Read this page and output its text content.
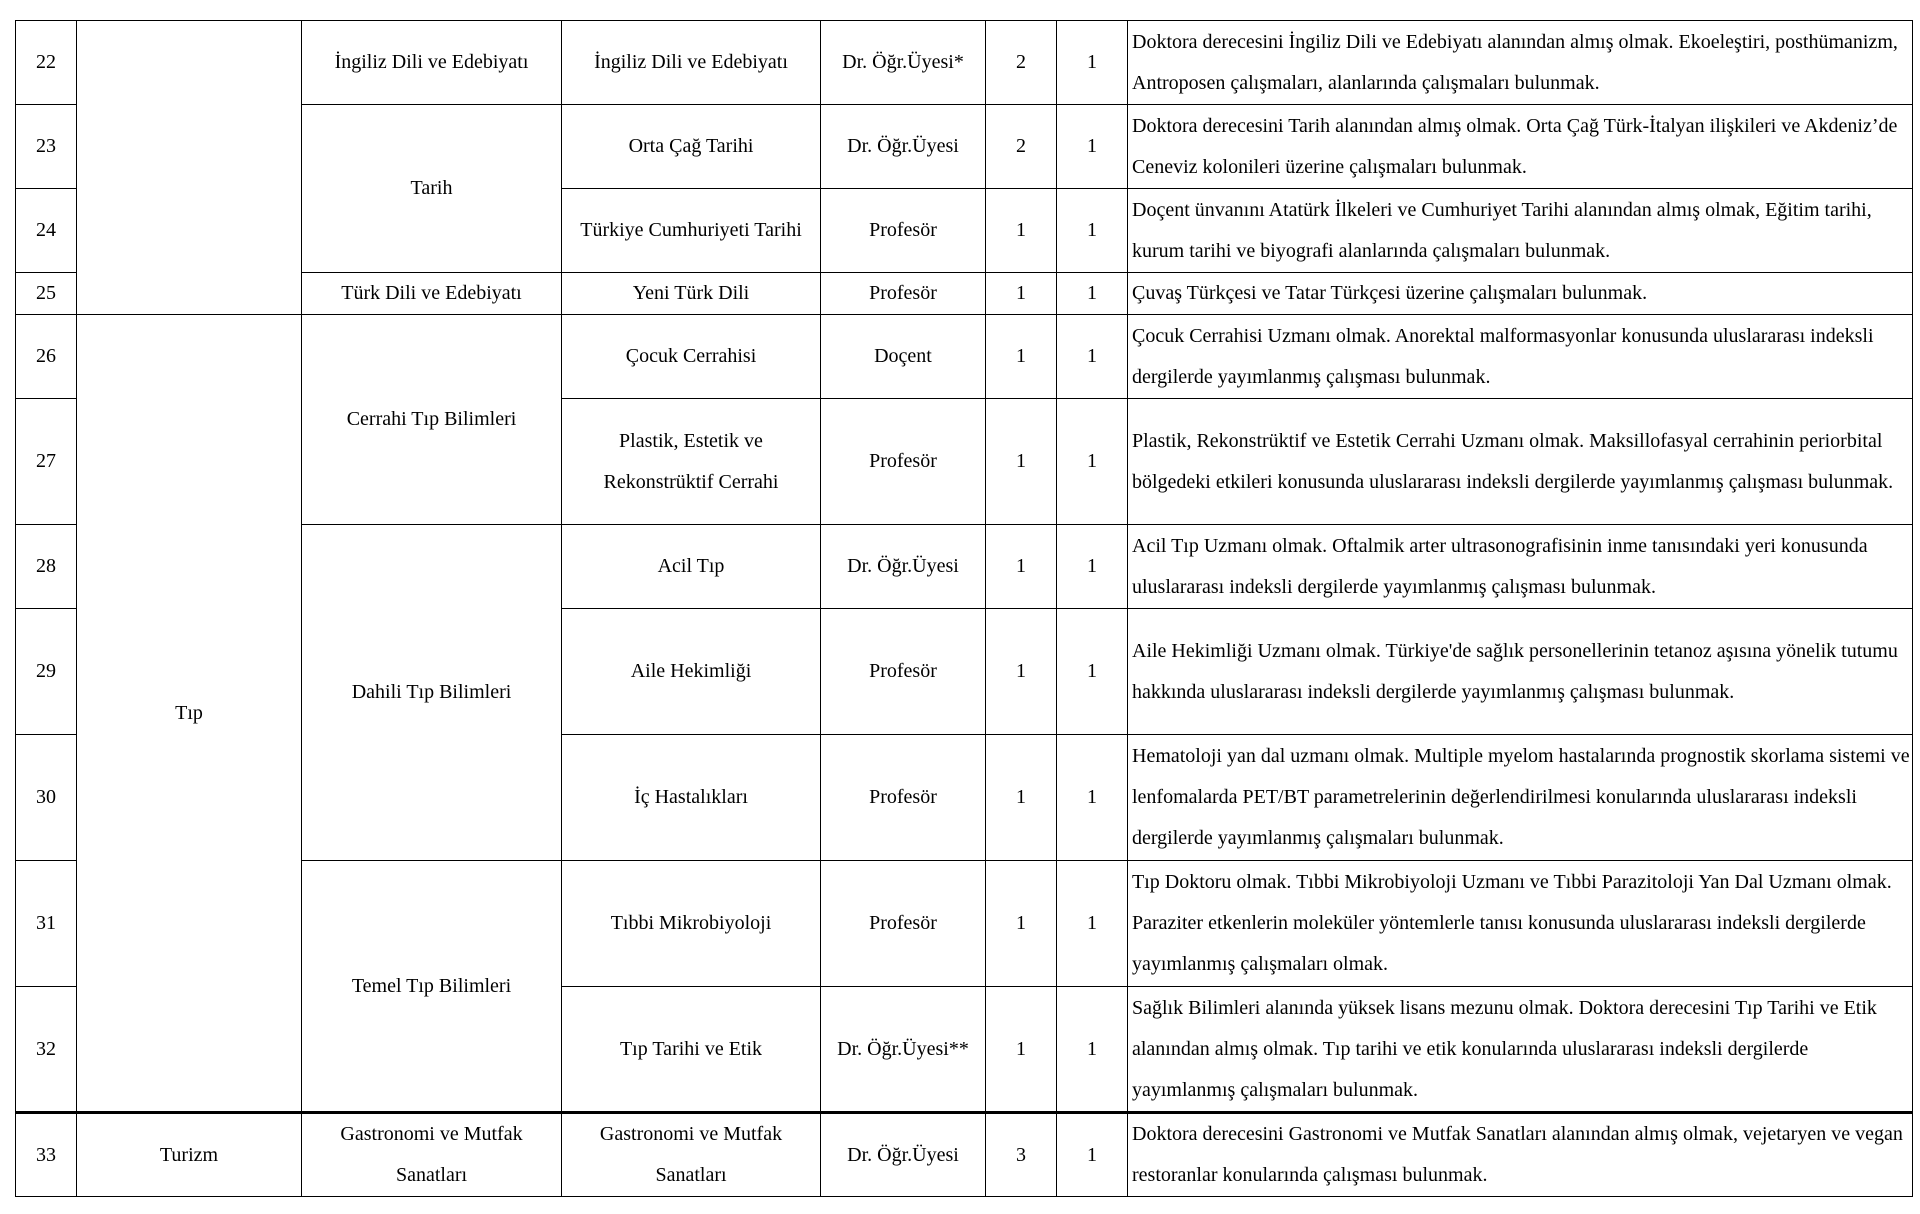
22		İngiliz Dili ve Edebiyatı	İngiliz Dili ve Edebiyatı	Dr. Öğr.Üyesi*	2	1	Doktora derecesini İngiliz Dili ve Edebiyatı alanından almış olmak. Ekoeleştiri, posthümanizm, Antroposen çalışmaları, alanlarında çalışmaları bulunmak.
23		Tarih	Orta Çağ Tarihi	Dr. Öğr.Üyesi	2	1	Doktora derecesini Tarih alanından almış olmak. Orta Çağ Türk-İtalyan ilişkileri ve Akdeniz’de Ceneviz kolonileri üzerine çalışmaları bulunmak.
24			Türkiye Cumhuriyeti Tarihi	Profesör	1	1	Doçent ünvanını Atatürk İlkeleri ve Cumhuriyet Tarihi alanından almış olmak, Eğitim tarihi, kurum tarihi ve biyografi alanlarında çalışmaları bulunmak.
25		Türk Dili ve Edebiyatı	Yeni Türk Dili	Profesör	1	1	Çuvaş Türkçesi ve Tatar Türkçesi üzerine çalışmaları bulunmak.
26	Tıp	Cerrahi Tıp Bilimleri	Çocuk Cerrahisi	Doçent	1	1	Çocuk Cerrahisi Uzmanı olmak. Anorektal malformasyonlar konusunda uluslararası indeksli dergilerde yayımlanmış çalışması bulunmak.
27			Plastik, Estetik ve Rekonstrüktif Cerrahi	Profesör	1	1	Plastik, Rekonstrüktif ve Estetik Cerrahi Uzmanı olmak. Maksillofasyal cerrahinin periorbital bölgedeki etkileri konusunda uluslararası indeksli dergilerde yayımlanmış çalışması bulunmak.
28		Dahili Tıp Bilimleri	Acil Tıp	Dr. Öğr.Üyesi	1	1	Acil Tıp Uzmanı olmak. Oftalmik arter ultrasonografisinin inme tanısındaki yeri konusunda uluslararası indeksli dergilerde yayımlanmış çalışması bulunmak.
29			Aile Hekimliği	Profesör	1	1	Aile Hekimliği Uzmanı olmak. Türkiye'de sağlık personellerinin tetanoz aşısına yönelik tutumu hakkında uluslararası indeksli dergilerde yayımlanmış çalışması bulunmak.
30			İç Hastalıkları	Profesör	1	1	Hematoloji yan dal uzmanı olmak. Multiple myelom hastalarında prognostik skorlama sistemi ve lenfomalarda PET/BT parametrelerinin değerlendirilmesi konularında uluslararası indeksli dergilerde yayımlanmış çalışmaları bulunmak.
31		Temel Tıp Bilimleri	Tıbbi Mikrobiyoloji	Profesör	1	1	Tıp Doktoru olmak. Tıbbi Mikrobiyoloji Uzmanı ve Tıbbi Parazitoloji Yan Dal Uzmanı olmak. Paraziter etkenlerin moleküler yöntemlerle tanısı konusunda uluslararası indeksli dergilerde yayımlanmış çalışmaları olmak.
32			Tıp Tarihi ve Etik	Dr. Öğr.Üyesi**	1	1	Sağlık Bilimleri alanında yüksek lisans mezunu olmak. Doktora derecesini Tıp Tarihi ve Etik alanından almış olmak. Tıp tarihi ve etik konularında uluslararası indeksli dergilerde yayımlanmış çalışmaları bulunmak.
33	Turizm	Gastronomi ve Mutfak Sanatları	Gastronomi ve Mutfak Sanatları	Dr. Öğr.Üyesi	3	1	Doktora derecesini Gastronomi ve Mutfak Sanatları alanından almış olmak, vejetaryen ve vegan restoranlar konularında çalışması bulunmak.
